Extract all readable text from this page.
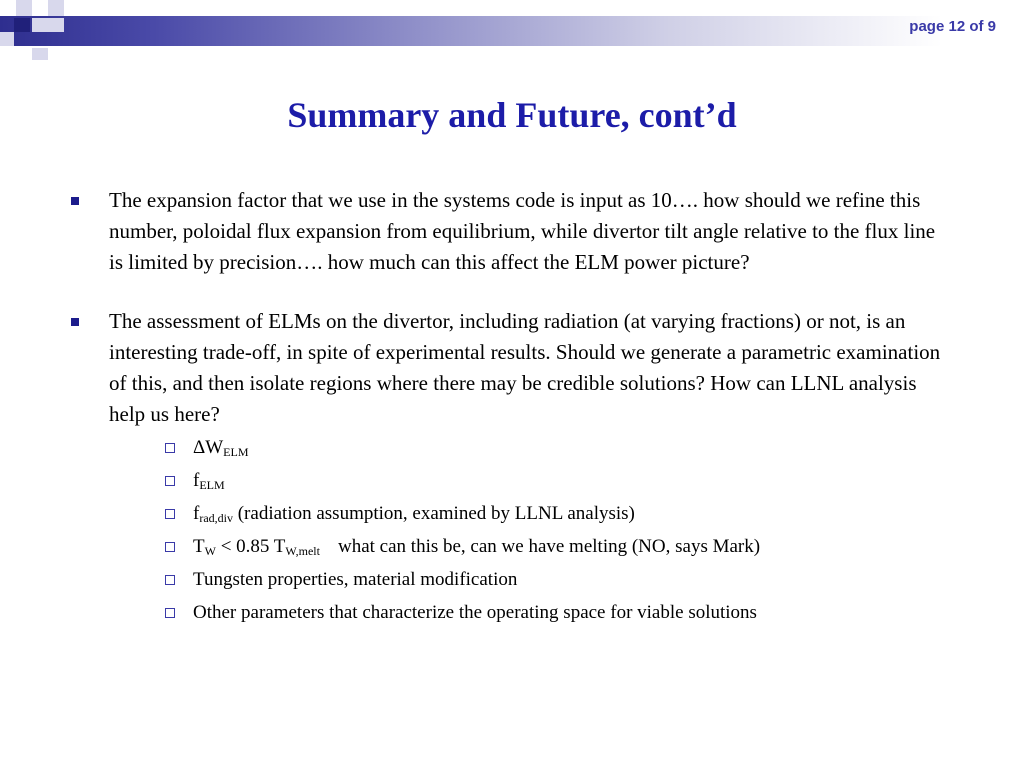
page 12 of 9
Summary and Future, cont’d
The expansion factor that we use in the systems code is input as 10…. how should we refine this number, poloidal flux expansion from equilibrium, while divertor tilt angle relative to the flux line is limited by precision…. how much can this affect the ELM power picture?
The assessment of ELMs on the divertor, including radiation (at varying fractions) or not, is an interesting trade-off, in spite of experimental results. Should we generate a parametric examination of this, and then isolate regions where there may be credible solutions? How can LLNL analysis help us here?
$\Delta W_{ELM}$
$f_{ELM}$
$f_{rad,div}$ (radiation assumption, examined by LLNL analysis)
$T_W < 0.85$ $T_{W,melt}$ what can this be, can we have melting (NO, says Mark)
Tungsten properties, material modification
Other parameters that characterize the operating space for viable solutions
